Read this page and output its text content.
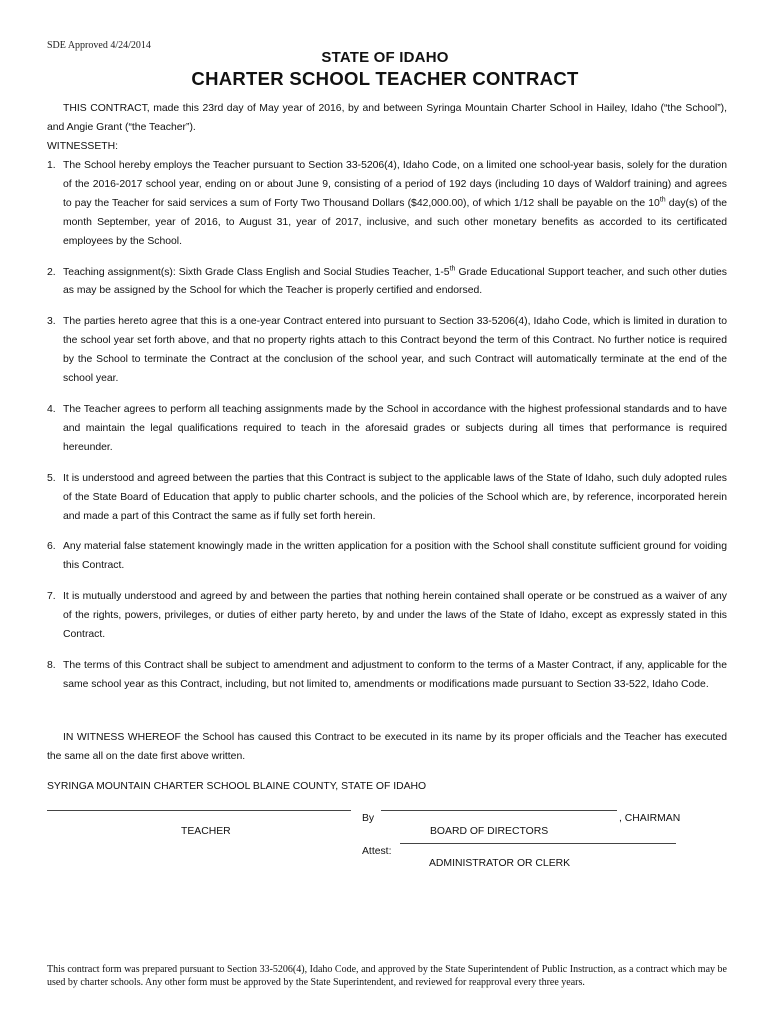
SDE Approved 4/24/2014
STATE OF IDAHO
CHARTER SCHOOL TEACHER CONTRACT
THIS CONTRACT, made this 23rd day of May year of 2016, by and between Syringa Mountain Charter School in Hailey, Idaho (“the School”), and Angie Grant (“the Teacher”).
WITNESSETH:
1. The School hereby employs the Teacher pursuant to Section 33-5206(4), Idaho Code, on a limited one school-year basis, solely for the duration of the 2016-2017 school year, ending on or about June 9, consisting of a period of 192 days (including 10 days of Waldorf training) and agrees to pay the Teacher for said services a sum of Forty Two Thousand Dollars ($42,000.00), of which 1/12 shall be payable on the 10th day(s) of the month September, year of 2016, to August 31, year of 2017, inclusive, and such other monetary benefits as accorded to its certificated employees by the School.
2. Teaching assignment(s): Sixth Grade Class English and Social Studies Teacher, 1-5th Grade Educational Support teacher, and such other duties as may be assigned by the School for which the Teacher is properly certified and endorsed.
3. The parties hereto agree that this is a one-year Contract entered into pursuant to Section 33-5206(4), Idaho Code, which is limited in duration to the school year set forth above, and that no property rights attach to this Contract beyond the term of this Contract. No further notice is required by the School to terminate the Contract at the conclusion of the school year, and such Contract will automatically terminate at the end of the school year.
4. The Teacher agrees to perform all teaching assignments made by the School in accordance with the highest professional standards and to have and maintain the legal qualifications required to teach in the aforesaid grades or subjects during all times that performance is required hereunder.
5. It is understood and agreed between the parties that this Contract is subject to the applicable laws of the State of Idaho, such duly adopted rules of the State Board of Education that apply to public charter schools, and the policies of the School which are, by reference, incorporated herein and made a part of this Contract the same as if fully set forth herein.
6. Any material false statement knowingly made in the written application for a position with the School shall constitute sufficient ground for voiding this Contract.
7. It is mutually understood and agreed by and between the parties that nothing herein contained shall operate or be construed as a waiver of any of the rights, powers, privileges, or duties of either party hereto, by and under the laws of the State of Idaho, except as expressly stated in this Contract.
8. The terms of this Contract shall be subject to amendment and adjustment to conform to the terms of a Master Contract, if any, applicable for the same school year as this Contract, including, but not limited to, amendments or modifications made pursuant to Section 33-522, Idaho Code.
IN WITNESS WHEREOF the School has caused this Contract to be executed in its name by its proper officials and the Teacher has executed the same all on the date first above written.
SYRINGA MOUNTAIN CHARTER SCHOOL BLAINE COUNTY, STATE OF IDAHO
TEACHER
By	, CHAIRMAN
BOARD OF DIRECTORS
Attest:
ADMINISTRATOR OR CLERK
This contract form was prepared pursuant to Section 33-5206(4), Idaho Code, and approved by the State Superintendent of Public Instruction, as a contract which may be used by charter schools. Any other form must be approved by the State Superintendent, and reviewed for reapproval every three years.
